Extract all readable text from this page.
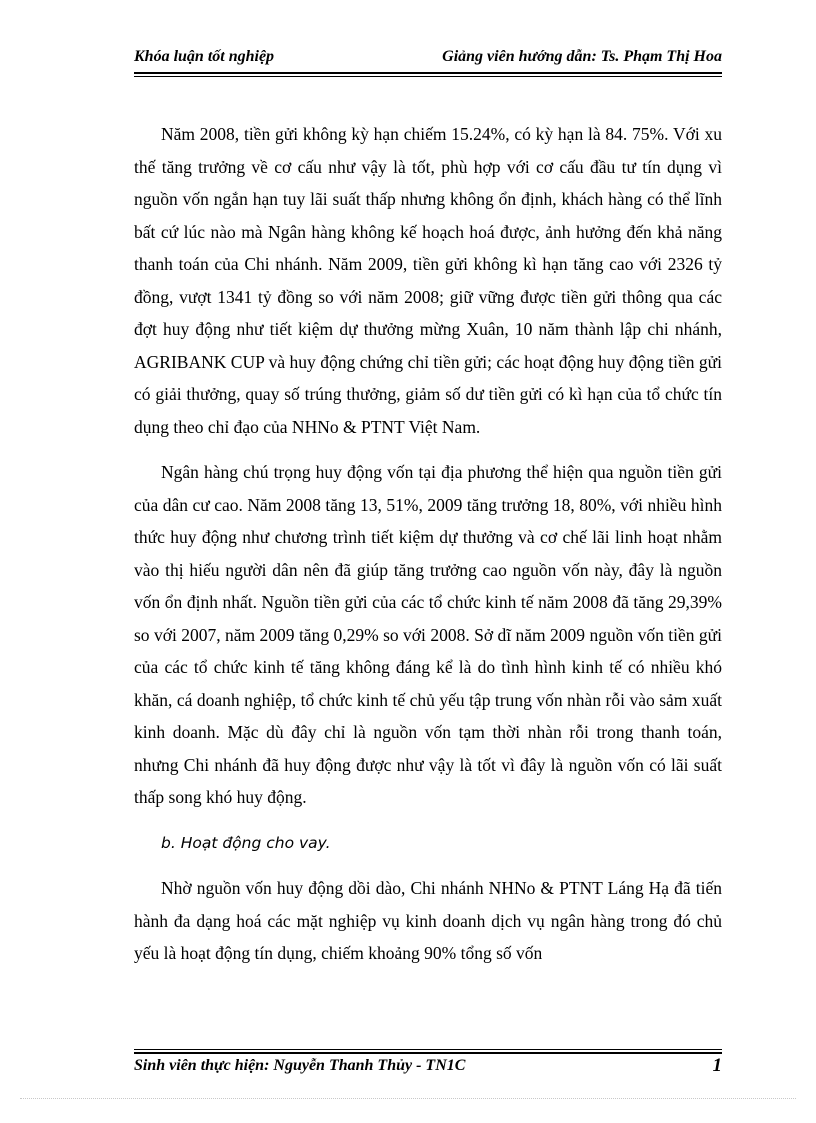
Khóa luận tốt nghiệp	Giảng viên hướng dẫn: Ts. Phạm Thị Hoa

Năm 2008, tiền gửi không kỳ hạn chiếm 15.24%, có kỳ hạn là 84. 75%. Với xu thế tăng trưởng về cơ cấu như vậy là tốt, phù hợp với cơ cấu đầu tư tín dụng vì nguồn vốn ngắn hạn tuy lãi suất thấp nhưng không ổn định, khách hàng có thể lĩnh bất cứ lúc nào mà Ngân hàng không kế hoạch hoá được, ảnh hưởng đến khả năng thanh toán của Chi nhánh. Năm 2009, tiền gửi không kì hạn tăng cao với 2326 tỷ đồng, vượt 1341 tỷ đồng so với năm 2008; giữ vững được tiền gửi thông qua các đợt huy động như tiết kiệm dự thưởng mừng Xuân, 10 năm thành lập chi nhánh, AGRIBANK CUP và huy động chứng chỉ tiền gửi; các hoạt động huy động tiền gửi có giải thưởng, quay số trúng thưởng, giảm số dư tiền gửi có kì hạn của tổ chức tín dụng theo chỉ đạo của NHNo & PTNT Việt Nam.

Ngân hàng chú trọng huy động vốn tại địa phương thể hiện qua nguồn tiền gửi của dân cư cao. Năm 2008 tăng 13, 51%, 2009 tăng trưởng 18, 80%, với nhiều hình thức huy động như chương trình tiết kiệm dự thưởng và cơ chế lãi linh hoạt nhằm vào thị hiếu người dân nên đã giúp tăng trưởng cao nguồn vốn này, đây là nguồn vốn ổn định nhất. Nguồn tiền gửi của các tổ chức kinh tế năm 2008 đã tăng 29,39% so với 2007, năm 2009 tăng 0,29% so với 2008. Sở dĩ năm 2009 nguồn vốn tiền gửi của các tổ chức kinh tế tăng không đáng kể là do tình hình kinh tế có nhiều khó khăn, cá doanh nghiệp, tổ chức kinh tế chủ yếu tập trung vốn nhàn rỗi vào sảm xuất kinh doanh. Mặc dù đây chỉ là nguồn vốn tạm thời nhàn rỗi trong thanh toán, nhưng Chi nhánh đã huy động được như vậy là tốt vì đây là nguồn vốn có lãi suất thấp song khó huy động.

b. Hoạt động cho vay.

Nhờ nguồn vốn huy động dồi dào, Chi nhánh NHNo & PTNT Láng Hạ đã tiến hành đa dạng hoá các mặt nghiệp vụ kinh doanh dịch vụ ngân hàng trong đó chủ yếu là hoạt động tín dụng, chiếm khoảng 90% tổng số vốn

Sinh viên thực hiện: Nguyễn Thanh Thủy - TN1C	1
